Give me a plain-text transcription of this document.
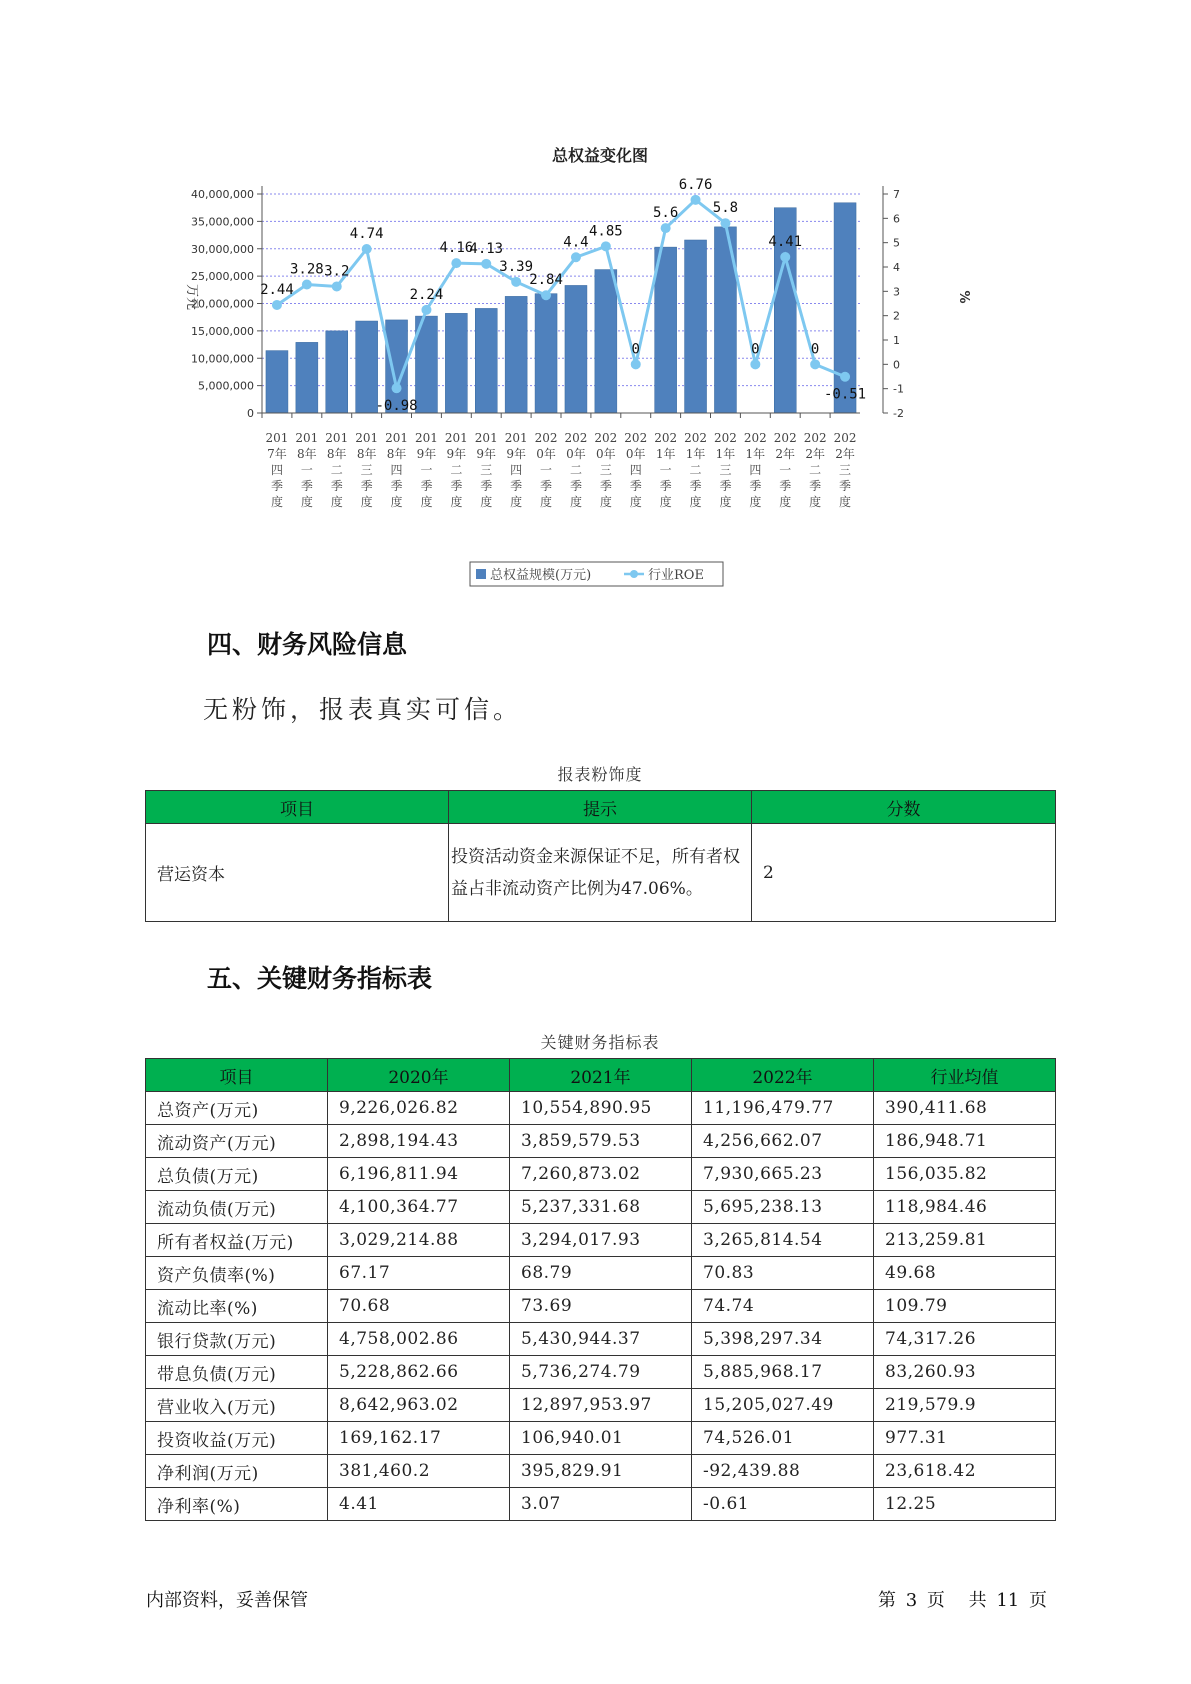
总权益变化图
0
5,000,000
10,000,000
15,000,000
20,000,000
25,000,000
30,000,000
35,000,000
40,000,000
-2
-1
0
1
2
3
4
5
6
7
201
7年
四
季
度
201
8年
一
季
度
201
8年
二
季
度
201
8年
三
季
度
201
8年
四
季
度
201
9年
一
季
度
201
9年
二
季
度
201
9年
三
季
度
201
9年
四
季
度
202
0年
一
季
度
202
0年
二
季
度
202
0年
三
季
度
202
0年
四
季
度
202
1年
一
季
度
202
1年
二
季
度
202
1年
三
季
度
202
1年
四
季
度
202
2年
一
季
度
202
2年
二
季
度
202
2年
三
季
度
2.44
3.28 3.2
4.74
-0.98
2.24
4.16
4.13
3.39
2.84
4.4
4.85
0
5.6
6.76
5.8
0
4.41
0
-0.51
万元	%
总权益规模(万元)	行业ROE
四、财务风险信息

无粉饰，报表真实可信。

报表粉饰度
项目	提示	分数
营运资本	投资活动资金来源保证不足，所有者权益占非流动资产比例为47.06%。	2
五、关键财务指标表
关键财务指标表
项目	2020年	2021年	2022年	行业均值
总资产(万元)	9,226,026.82	10,554,890.95	11,196,479.77	390,411.68
流动资产(万元)	2,898,194.43	3,859,579.53	4,256,662.07	186,948.71
总负债(万元)	6,196,811.94	7,260,873.02	7,930,665.23	156,035.82
流动负债(万元)	4,100,364.77	5,237,331.68	5,695,238.13	118,984.46
所有者权益(万元)	3,029,214.88	3,294,017.93	3,265,814.54	213,259.81
资产负债率(%)	67.17	68.79	70.83	49.68
流动比率(%)	70.68	73.69	74.74	109.79
银行贷款(万元)	4,758,002.86	5,430,944.37	5,398,297.34	74,317.26
带息负债(万元)	5,228,862.66	5,736,274.79	5,885,968.17	83,260.93
营业收入(万元)	8,642,963.02	12,897,953.97	15,205,027.49	219,579.9
投资收益(万元)	169,162.17	106,940.01	74,526.01	977.31
净利润(万元)	381,460.2	395,829.91	-92,439.88	23,618.42
净利率(%)	4.41	3.07	-0.61	12.25
内部资料，妥善保管	第 3 页 共 11 页
